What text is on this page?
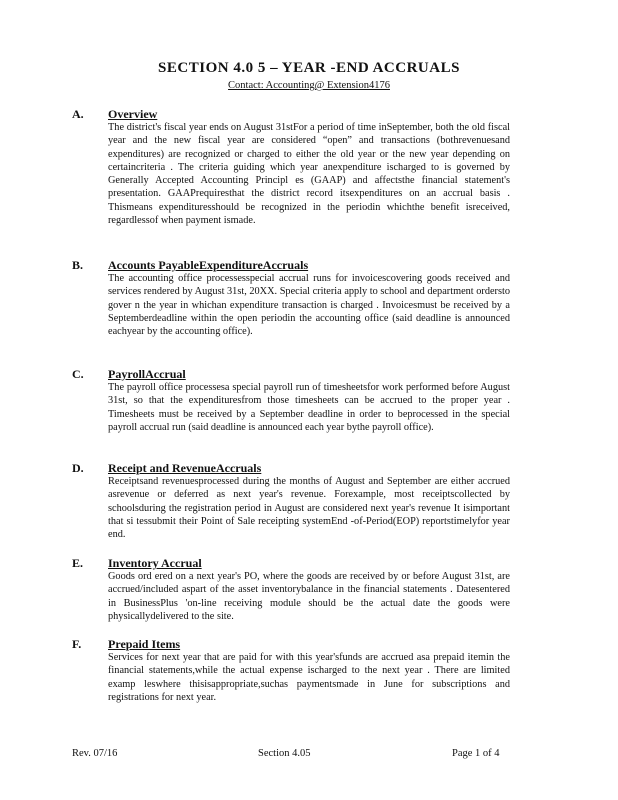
SECTION 4.0 5 – YEAR -END ACCRUALS
Contact: Accounting@ Extension4176
A. Overview
The district's fiscal year ends on August 31stFor a period of time inSeptember, both the old fiscal year and the new fiscal year are considered “open” and transactions (bothrevenuesand expenditures) are recognized or charged to either the old year or the new year depending on certaincriteria . The criteria guiding which year anexpenditure ischarged to is governed by Generally Accepted Accounting Principl es (GAAP) and affectsthe financial statement's presentation. GAAPrequiresthat the district record itsexpenditures on an accrual basis . Thismeans expendituresshould be recognized in the periodin whichthe benefit isreceived, regardlessof when payment ismade.
B. Accounts PayableExpenditureAccruals
The accounting office processesspecial accrual runs for invoicescovering goods received and services rendered by August 31st, 20XX. Special criteria apply to school and department ordersto gover n the year in whichan expenditure transaction is charged . Invoicesmust be received by a Septemberdeadline within the open periodin the accounting office (said deadline is announced eachyear by the accounting office).
C. PayrollAccrual
The payroll office processesa special payroll run of timesheetsfor work performed before August 31st, so that the expendituresfrom those timesheets can be accrued to the proper year . Timesheets must be received by a September deadline in order to beprocessed in the special payroll accrual run (said deadline is announced each year bythe payroll office).
D. Receipt and RevenueAccruals
Receiptsand revenuesprocessed during the months of August and September are either accrued asrevenue or deferred as next year's revenue. Forexample, most receiptscollected by schoolsduring the registration period in August are considered next year's revenue It isimportant that si tessubmit their Point of Sale receipting systemEnd -of-Period(EOP) reportstimelyfor year end.
E. Inventory Accrual
Goods ord ered on a next year's PO, where the goods are received by or before August 31st, are accrued/included aspart of the asset inventorybalance in the financial statements . Datesentered in BusinessPlus 'on-line receiving module should be the actual date the goods were physicallydelivered to the site.
F. Prepaid Items
Services for next year that are paid for with this year'sfunds are accrued asa prepaid itemin the financial statements,while the actual expense ischarged to the next year . There are limited examp leswhere thisisappropriate,suchas paymentsmade in June for subscriptions and registrations for next year.
Rev. 07/16	Section 4.05	Page 1 of 4
